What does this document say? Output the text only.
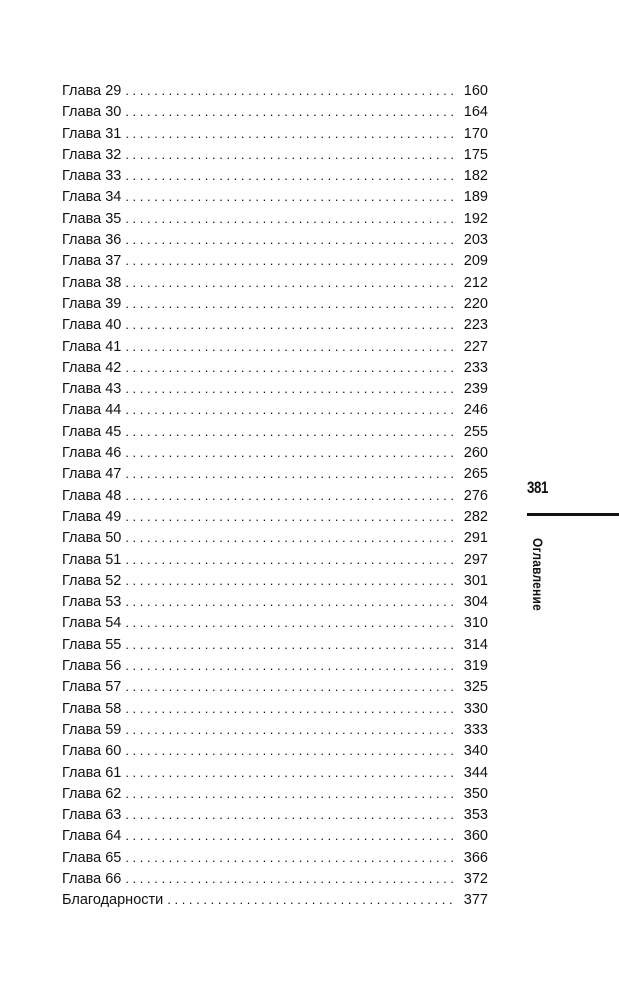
Глава 29 . . .	160
Глава 30 . . .	164
Глава 31 . . .	170
Глава 32 . . .	175
Глава 33 . . .	182
Глава 34 . . .	189
Глава 35 . . .	192
Глава 36 . . .	203
Глава 37 . . .	209
Глава 38 . . .	212
Глава 39 . . .	220
Глава 40 . . .	223
Глава 41 . . .	227
Глава 42 . . .	233
Глава 43 . . .	239
Глава 44 . . .	246
Глава 45 . . .	255
Глава 46 . . .	260
Глава 47 . . .	265
Глава 48 . . .	276
Глава 49 . . .	282
Глава 50 . . .	291
Глава 51 . . .	297
Глава 52 . . .	301
Глава 53 . . .	304
Глава 54 . . .	310
Глава 55 . . .	314
Глава 56 . . .	319
Глава 57 . . .	325
Глава 58 . . .	330
Глава 59 . . .	333
Глава 60 . . .	340
Глава 61 . . .	344
Глава 62 . . .	350
Глава 63 . . .	353
Глава 64 . . .	360
Глава 65 . . .	366
Глава 66 . . .	372
Благодарности . . .	377
381
Оглавление
